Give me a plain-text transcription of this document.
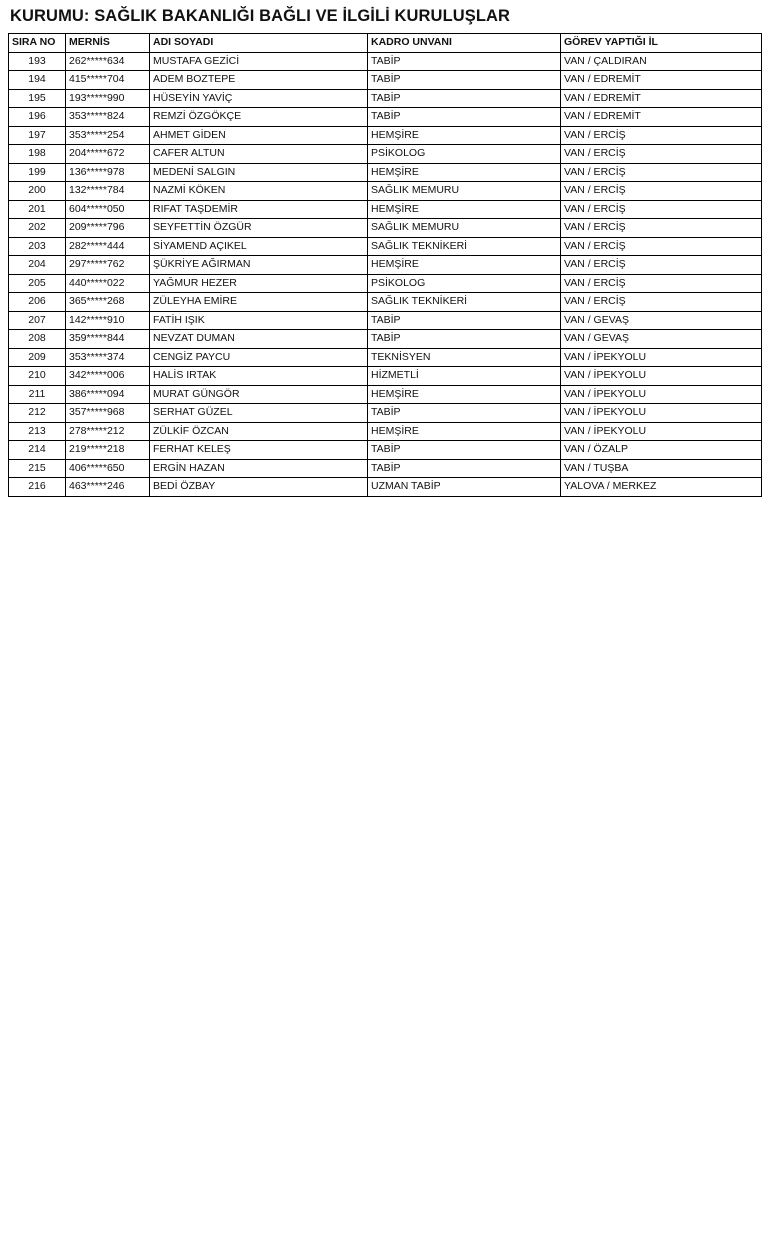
KURUMU: SAĞLIK BAKANLIĞI BAĞLI VE İLGİLİ KURULUŞLAR
SIRA NO	MERNİS	ADI SOYADI	KADRO UNVANI	GÖREV YAPTIĞI İL
193	262*****634	MUSTAFA GEZİCİ	TABİP	VAN / ÇALDIRAN
194	415*****704	ADEM BOZTEPE	TABİP	VAN / EDREMİT
195	193*****990	HÜSEYİN YAVİÇ	TABİP	VAN / EDREMİT
196	353*****824	REMZİ ÖZGÖKÇE	TABİP	VAN / EDREMİT
197	353*****254	AHMET GİDEN	HEMŞİRE	VAN / ERCİŞ
198	204*****672	CAFER ALTUN	PSİKOLOG	VAN / ERCİŞ
199	136*****978	MEDENİ SALGIN	HEMŞİRE	VAN / ERCİŞ
200	132*****784	NAZMİ KÖKEN	SAĞLIK MEMURU	VAN / ERCİŞ
201	604*****050	RIFAT TAŞDEMİR	HEMŞİRE	VAN / ERCİŞ
202	209*****796	SEYFETTİN ÖZGÜR	SAĞLIK MEMURU	VAN / ERCİŞ
203	282*****444	SİYAMEND AÇIKEL	SAĞLIK TEKNİKERİ	VAN / ERCİŞ
204	297*****762	ŞÜKRİYE AĞIRMAN	HEMŞİRE	VAN / ERCİŞ
205	440*****022	YAĞMUR HEZER	PSİKOLOG	VAN / ERCİŞ
206	365*****268	ZÜLEYHA EMİRE	SAĞLIK TEKNİKERİ	VAN / ERCİŞ
207	142*****910	FATİH IŞIK	TABİP	VAN / GEVAŞ
208	359*****844	NEVZAT DUMAN	TABİP	VAN / GEVAŞ
209	353*****374	CENGİZ PAYCU	TEKNİSYEN	VAN / İPEKYOLU
210	342*****006	HALİS IRTAK	HİZMETLİ	VAN / İPEKYOLU
211	386*****094	MURAT GÜNGÖR	HEMŞİRE	VAN / İPEKYOLU
212	357*****968	SERHAT GÜZEL	TABİP	VAN / İPEKYOLU
213	278*****212	ZÜLKİF ÖZCAN	HEMŞİRE	VAN / İPEKYOLU
214	219*****218	FERHAT KELEŞ	TABİP	VAN / ÖZALP
215	406*****650	ERGİN HAZAN	TABİP	VAN / TUŞBA
216	463*****246	BEDİ ÖZBAY	UZMAN TABİP	YALOVA / MERKEZ
